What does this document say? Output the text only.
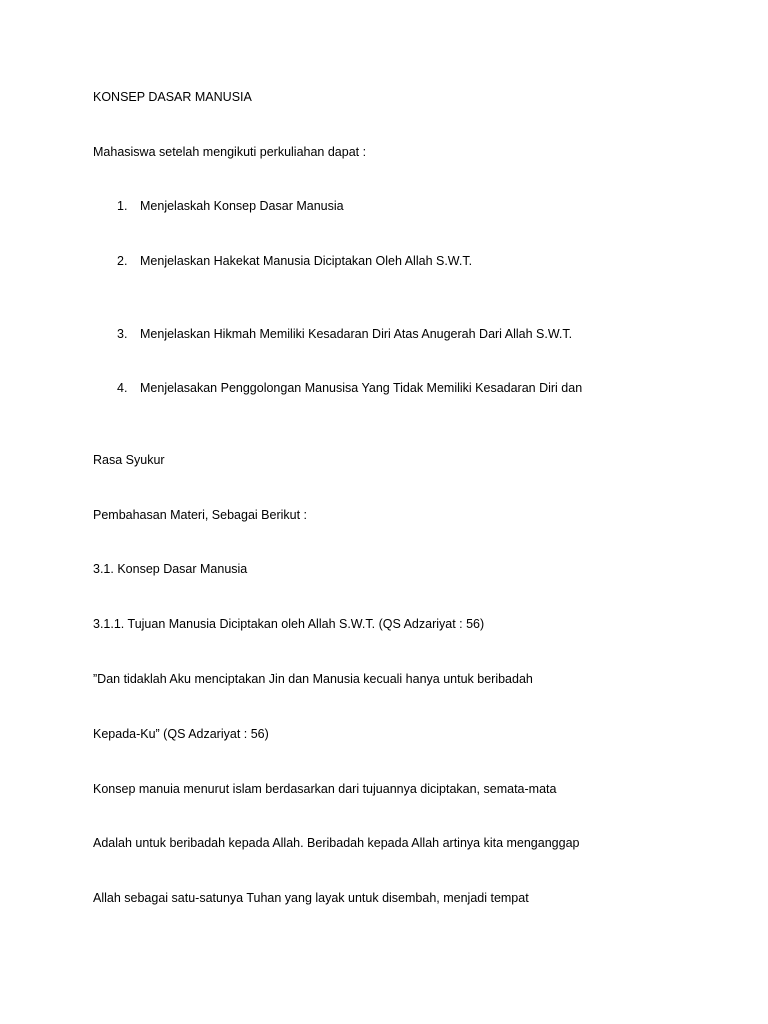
KONSEP DASAR MANUSIA
Mahasiswa setelah mengikuti perkuliahan dapat :
1. Menjelaskah Konsep Dasar Manusia
2. Menjelaskan Hakekat Manusia Diciptakan Oleh Allah S.W.T.
3. Menjelaskan Hikmah Memiliki Kesadaran Diri Atas Anugerah Dari Allah S.W.T.
4. Menjelasakan Penggolongan Manusisa Yang Tidak Memiliki Kesadaran Diri dan
Rasa Syukur
Pembahasan Materi, Sebagai Berikut :
3.1. Konsep Dasar Manusia
3.1.1. Tujuan Manusia Diciptakan oleh Allah S.W.T. (QS Adzariyat : 56)
”Dan tidaklah Aku menciptakan Jin dan Manusia kecuali hanya untuk beribadah
Kepada-Ku” (QS Adzariyat : 56)
Konsep manuia menurut islam berdasarkan dari tujuannya diciptakan, semata-mata
Adalah untuk beribadah kepada Allah. Beribadah kepada Allah artinya kita menganggap
Allah sebagai satu-satunya Tuhan yang layak untuk disembah, menjadi tempat
